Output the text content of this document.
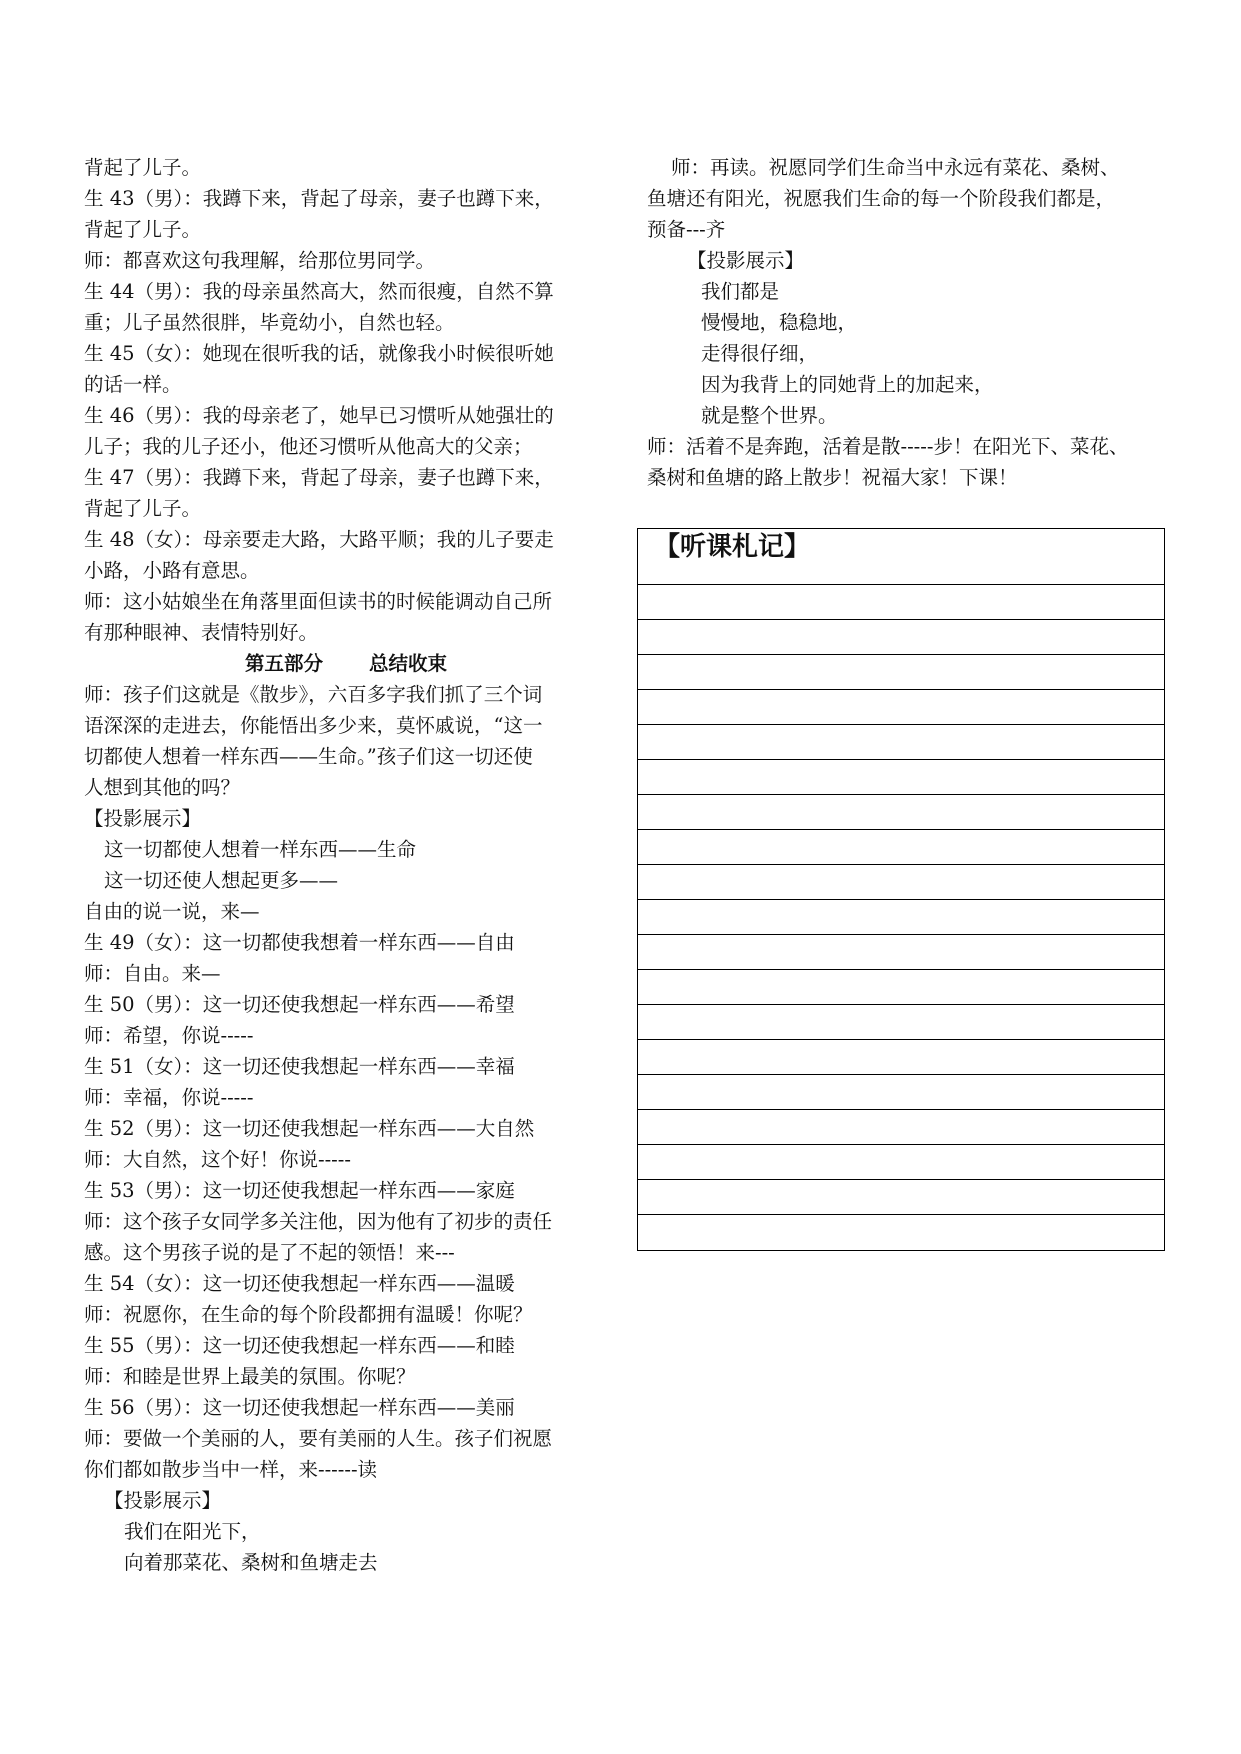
背起了儿子。
生 43（男）：我蹲下来，背起了母亲，妻子也蹲下来，
背起了儿子。
师：都喜欢这句我理解，给那位男同学。
生 44（男）：我的母亲虽然高大，然而很瘦，自然不算
重；儿子虽然很胖，毕竟幼小，自然也轻。
生 45（女）：她现在很听我的话，就像我小时候很听她
的话一样。
生 46（男）：我的母亲老了，她早已习惯听从她强壮的
儿子；我的儿子还小，他还习惯听从他高大的父亲；
生 47（男）：我蹲下来，背起了母亲，妻子也蹲下来，
背起了儿子。
生 48（女）：母亲要走大路，大路平顺；我的儿子要走
小路，小路有意思。
师：这小姑娘坐在角落里面但读书的时候能调动自己所
有那种眼神、表情特别好。
第五部分 总结收束
师：孩子们这就是《散步》，六百多字我们抓了三个词
语深深的走进去，你能悟出多少来，莫怀戚说，“这一
切都使人想着一样东西——生命。”孩子们这一切还使
人想到其他的吗？
【投影展示】
这一切都使人想着一样东西——生命
这一切还使人想起更多——
自由的说一说，来—
生 49（女）：这一切都使我想着一样东西——自由
师：自由。来—
生 50（男）：这一切还使我想起一样东西——希望
师：希望，你说-----
生 51（女）：这一切还使我想起一样东西——幸福
师：幸福，你说-----
生 52（男）：这一切还使我想起一样东西——大自然
师：大自然，这个好！你说-----
生 53（男）：这一切还使我想起一样东西——家庭
师：这个孩子女同学多关注他，因为他有了初步的责任
感。这个男孩子说的是了不起的领悟！来---
生 54（女）：这一切还使我想起一样东西——温暖
师：祝愿你，在生命的每个阶段都拥有温暖！你呢？
生 55（男）：这一切还使我想起一样东西——和睦
师：和睦是世界上最美的氛围。你呢？
生 56（男）：这一切还使我想起一样东西——美丽
师：要做一个美丽的人，要有美丽的人生。孩子们祝愿
你们都如散步当中一样，来------读
【投影展示】
我们在阳光下，
向着那菜花、桑树和鱼塘走去
师：再读。祝愿同学们生命当中永远有菜花、桑树、
鱼塘还有阳光，祝愿我们生命的每一个阶段我们都是，
预备---齐
【投影展示】
我们都是
慢慢地，稳稳地，
走得很仔细，
因为我背上的同她背上的加起来，
就是整个世界。
师：活着不是奔跑，活着是散-----步！在阳光下、菜花、
桑树和鱼塘的路上散步！祝福大家！下课！
【听课札记】
